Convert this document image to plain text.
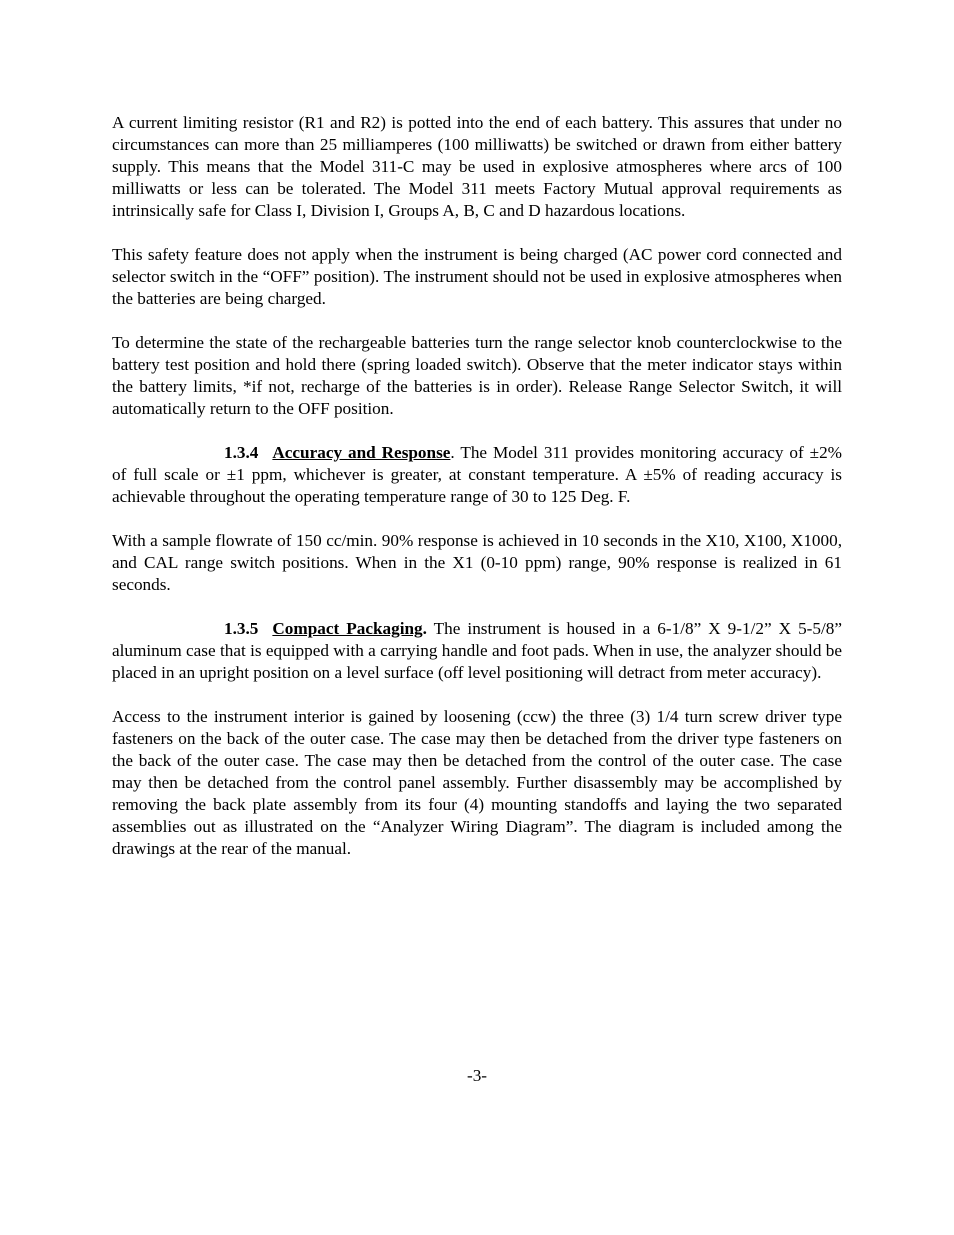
A current limiting resistor (R1 and R2) is potted into the end of each battery. This assures that under no circumstances can more than 25 milliamperes (100 milliwatts) be switched or drawn from either battery supply. This means that the Model 311-C may be used in explosive atmospheres where arcs of 100 milliwatts or less can be tolerated. The Model 311 meets Factory Mutual approval requirements as intrinsically safe for Class I, Division I, Groups A, B, C and D hazardous locations.

This safety feature does not apply when the instrument is being charged (AC power cord connected and selector switch in the “OFF” position). The instrument should not be used in explosive atmospheres when the batteries are being charged.

To determine the state of the rechargeable batteries turn the range selector knob counterclockwise to the battery test position and hold there (spring loaded switch). Observe that the meter indicator stays within the battery limits, *if not, recharge of the batteries is in order). Release Range Selector Switch, it will automatically return to the OFF position.

1.3.4 Accuracy and Response. The Model 311 provides monitoring accuracy of ±2% of full scale or ±1 ppm, whichever is greater, at constant temperature. A ±5% of reading accuracy is achievable throughout the operating temperature range of 30 to 125 Deg. F.

With a sample flowrate of 150 cc/min. 90% response is achieved in 10 seconds in the X10, X100, X1000, and CAL range switch positions. When in the X1 (0-10 ppm) range, 90% response is realized in 61 seconds.

1.3.5 Compact Packaging. The instrument is housed in a 6-1/8” X 9-1/2” X 5-5/8” aluminum case that is equipped with a carrying handle and foot pads. When in use, the analyzer should be placed in an upright position on a level surface (off level positioning will detract from meter accuracy).

Access to the instrument interior is gained by loosening (ccw) the three (3) 1/4 turn screw driver type fasteners on the back of the outer case. The case may then be detached from the driver type fasteners on the back of the outer case. The case may then be detached from the control of the outer case. The case may then be detached from the control panel assembly. Further disassembly may be accomplished by removing the back plate assembly from its four (4) mounting standoffs and laying the two separated assemblies out as illustrated on the “Analyzer Wiring Diagram”. The diagram is included among the drawings at the rear of the manual.

-3-
